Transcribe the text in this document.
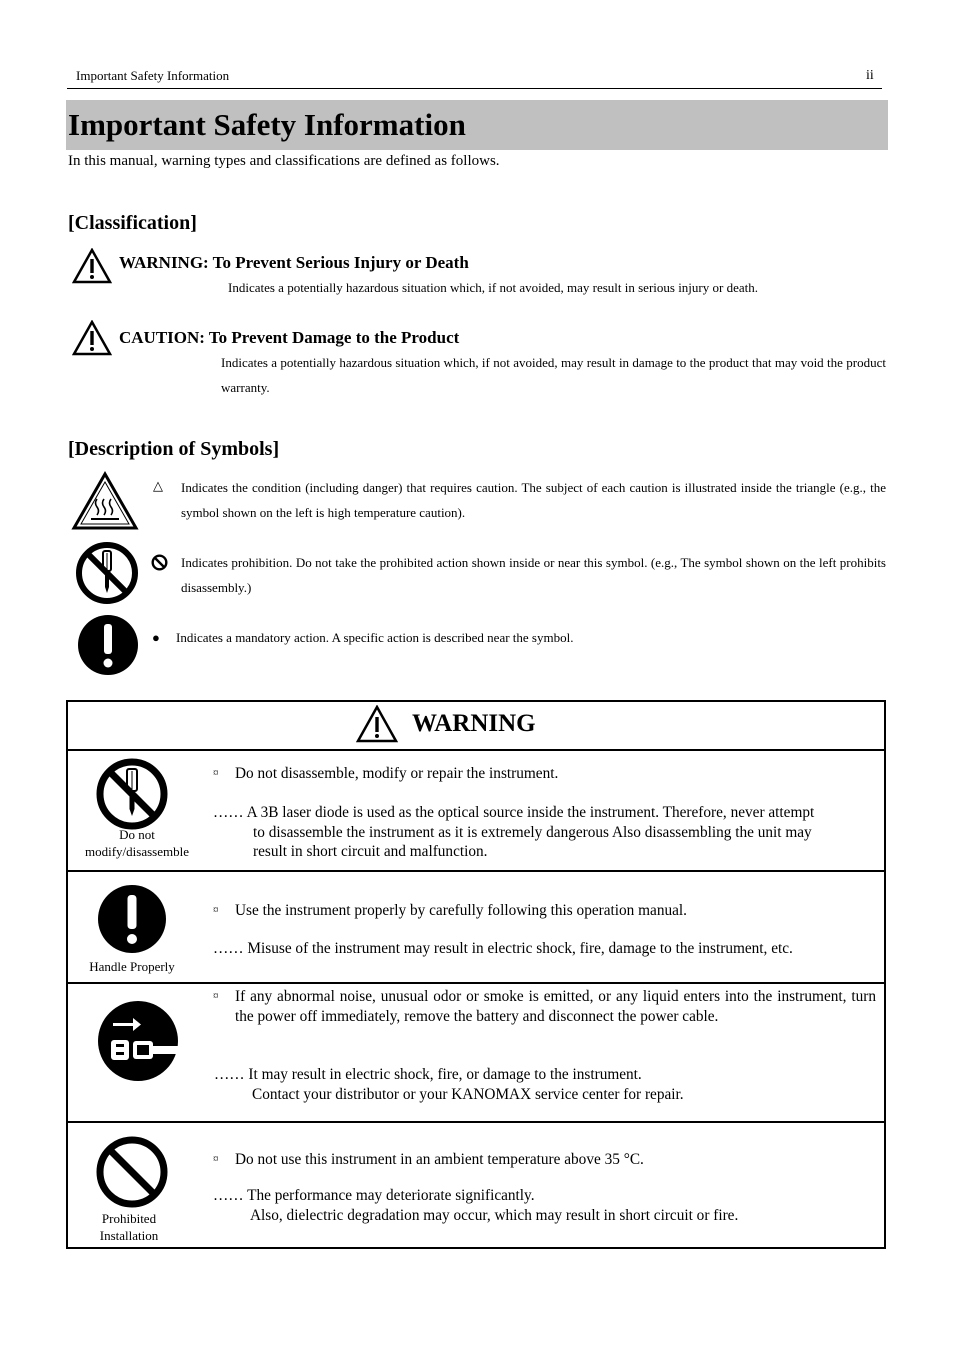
Important Safety Information	ii
Important Safety Information
In this manual, warning types and classifications are defined as follows.
[Classification]
WARNING: To Prevent Serious Injury or Death
Indicates a potentially hazardous situation which, if not avoided, may result in serious injury or death.
CAUTION: To Prevent Damage to the Product
Indicates a potentially hazardous situation which, if not avoided, may result in damage to the product that may void the product warranty.
[Description of Symbols]
△ Indicates the condition (including danger) that requires caution. The subject of each caution is illustrated inside the triangle (e.g., the symbol shown on the left is high temperature caution).
Indicates prohibition. Do not take the prohibited action shown inside or near this symbol. (e.g., The symbol shown on the left prohibits disassembly.)
● Indicates a mandatory action. A specific action is described near the symbol.
WARNING
Do not
modify/disassemble
¤ Do not disassemble, modify or repair the instrument.
…… A 3B laser diode is used as the optical source inside the instrument. Therefore, never attempt
to disassemble the instrument as it is extremely dangerous Also disassembling the unit may
result in short circuit and malfunction.
Handle Properly
¤ Use the instrument properly by carefully following this operation manual.
…… Misuse of the instrument may result in electric shock, fire, damage to the instrument, etc.
¤ If any abnormal noise, unusual odor or smoke is emitted, or any liquid enters into the instrument, turn the power off immediately, remove the battery and disconnect the power cable.
…… It may result in electric shock, fire, or damage to the instrument.
Contact your distributor or your KANOMAX service center for repair.
Prohibited
Installation
¤ Do not use this instrument in an ambient temperature above 35 °C.
…… The performance may deteriorate significantly.
Also, dielectric degradation may occur, which may result in short circuit or fire.
